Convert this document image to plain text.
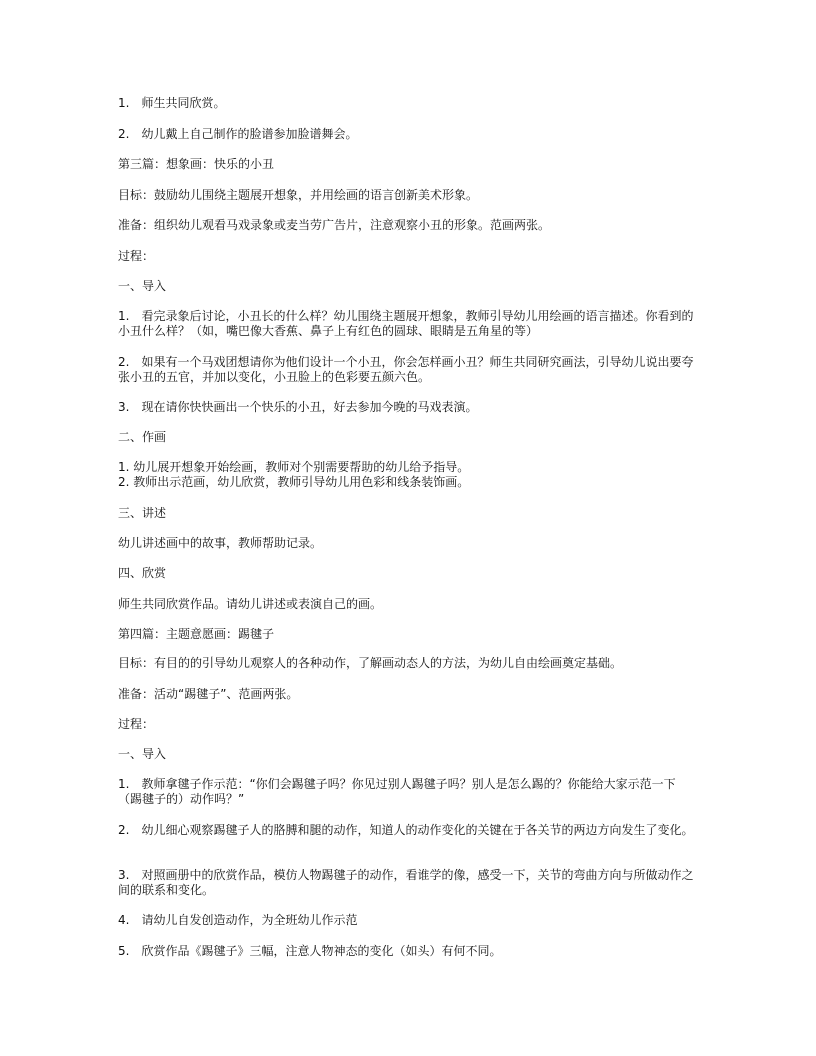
1.　师生共同欣赏。
2.　幼儿戴上自己制作的脸谱参加脸谱舞会。
第三篇：想象画：快乐的小丑
目标：鼓励幼儿围绕主题展开想象，并用绘画的语言创新美术形象。
准备：组织幼儿观看马戏录象或麦当劳广告片，注意观察小丑的形象。范画两张。
过程：
一、导入
1.　看完录象后讨论，小丑长的什么样？幼儿围绕主题展开想象，教师引导幼儿用绘画的语言描述。你看到的小丑什么样？（如，嘴巴像大香蕉、鼻子上有红色的圆球、眼睛是五角星的等）
2.　如果有一个马戏团想请你为他们设计一个小丑，你会怎样画小丑？师生共同研究画法，引导幼儿说出要夸张小丑的五官，并加以变化，小丑脸上的色彩要五颜六色。
3.　现在请你快快画出一个快乐的小丑，好去参加今晚的马戏表演。
二、作画
1. 幼儿展开想象开始绘画，教师对个别需要帮助的幼儿给予指导。
2. 教师出示范画，幼儿欣赏，教师引导幼儿用色彩和线条装饰画。
三、讲述
幼儿讲述画中的故事，教师帮助记录。
四、欣赏
师生共同欣赏作品。请幼儿讲述或表演自己的画。
第四篇：主题意愿画：踢毽子
目标：有目的的引导幼儿观察人的各种动作，了解画动态人的方法，为幼儿自由绘画奠定基础。
准备：活动“踢毽子”、范画两张。
过程：
一、导入
1.　教师拿毽子作示范：“你们会踢毽子吗？你见过别人踢毽子吗？别人是怎么踢的？你能给大家示范一下（踢毽子的）动作吗？”
2.　幼儿细心观察踢毽子人的胳膊和腿的动作，知道人的动作变化的关键在于各关节的两边方向发生了变化。
3.　对照画册中的欣赏作品，模仿人物踢毽子的动作，看谁学的像，感受一下，关节的弯曲方向与所做动作之间的联系和变化。
4.　请幼儿自发创造动作，为全班幼儿作示范
5.　欣赏作品《踢毽子》三幅，注意人物神态的变化（如头）有何不同。
